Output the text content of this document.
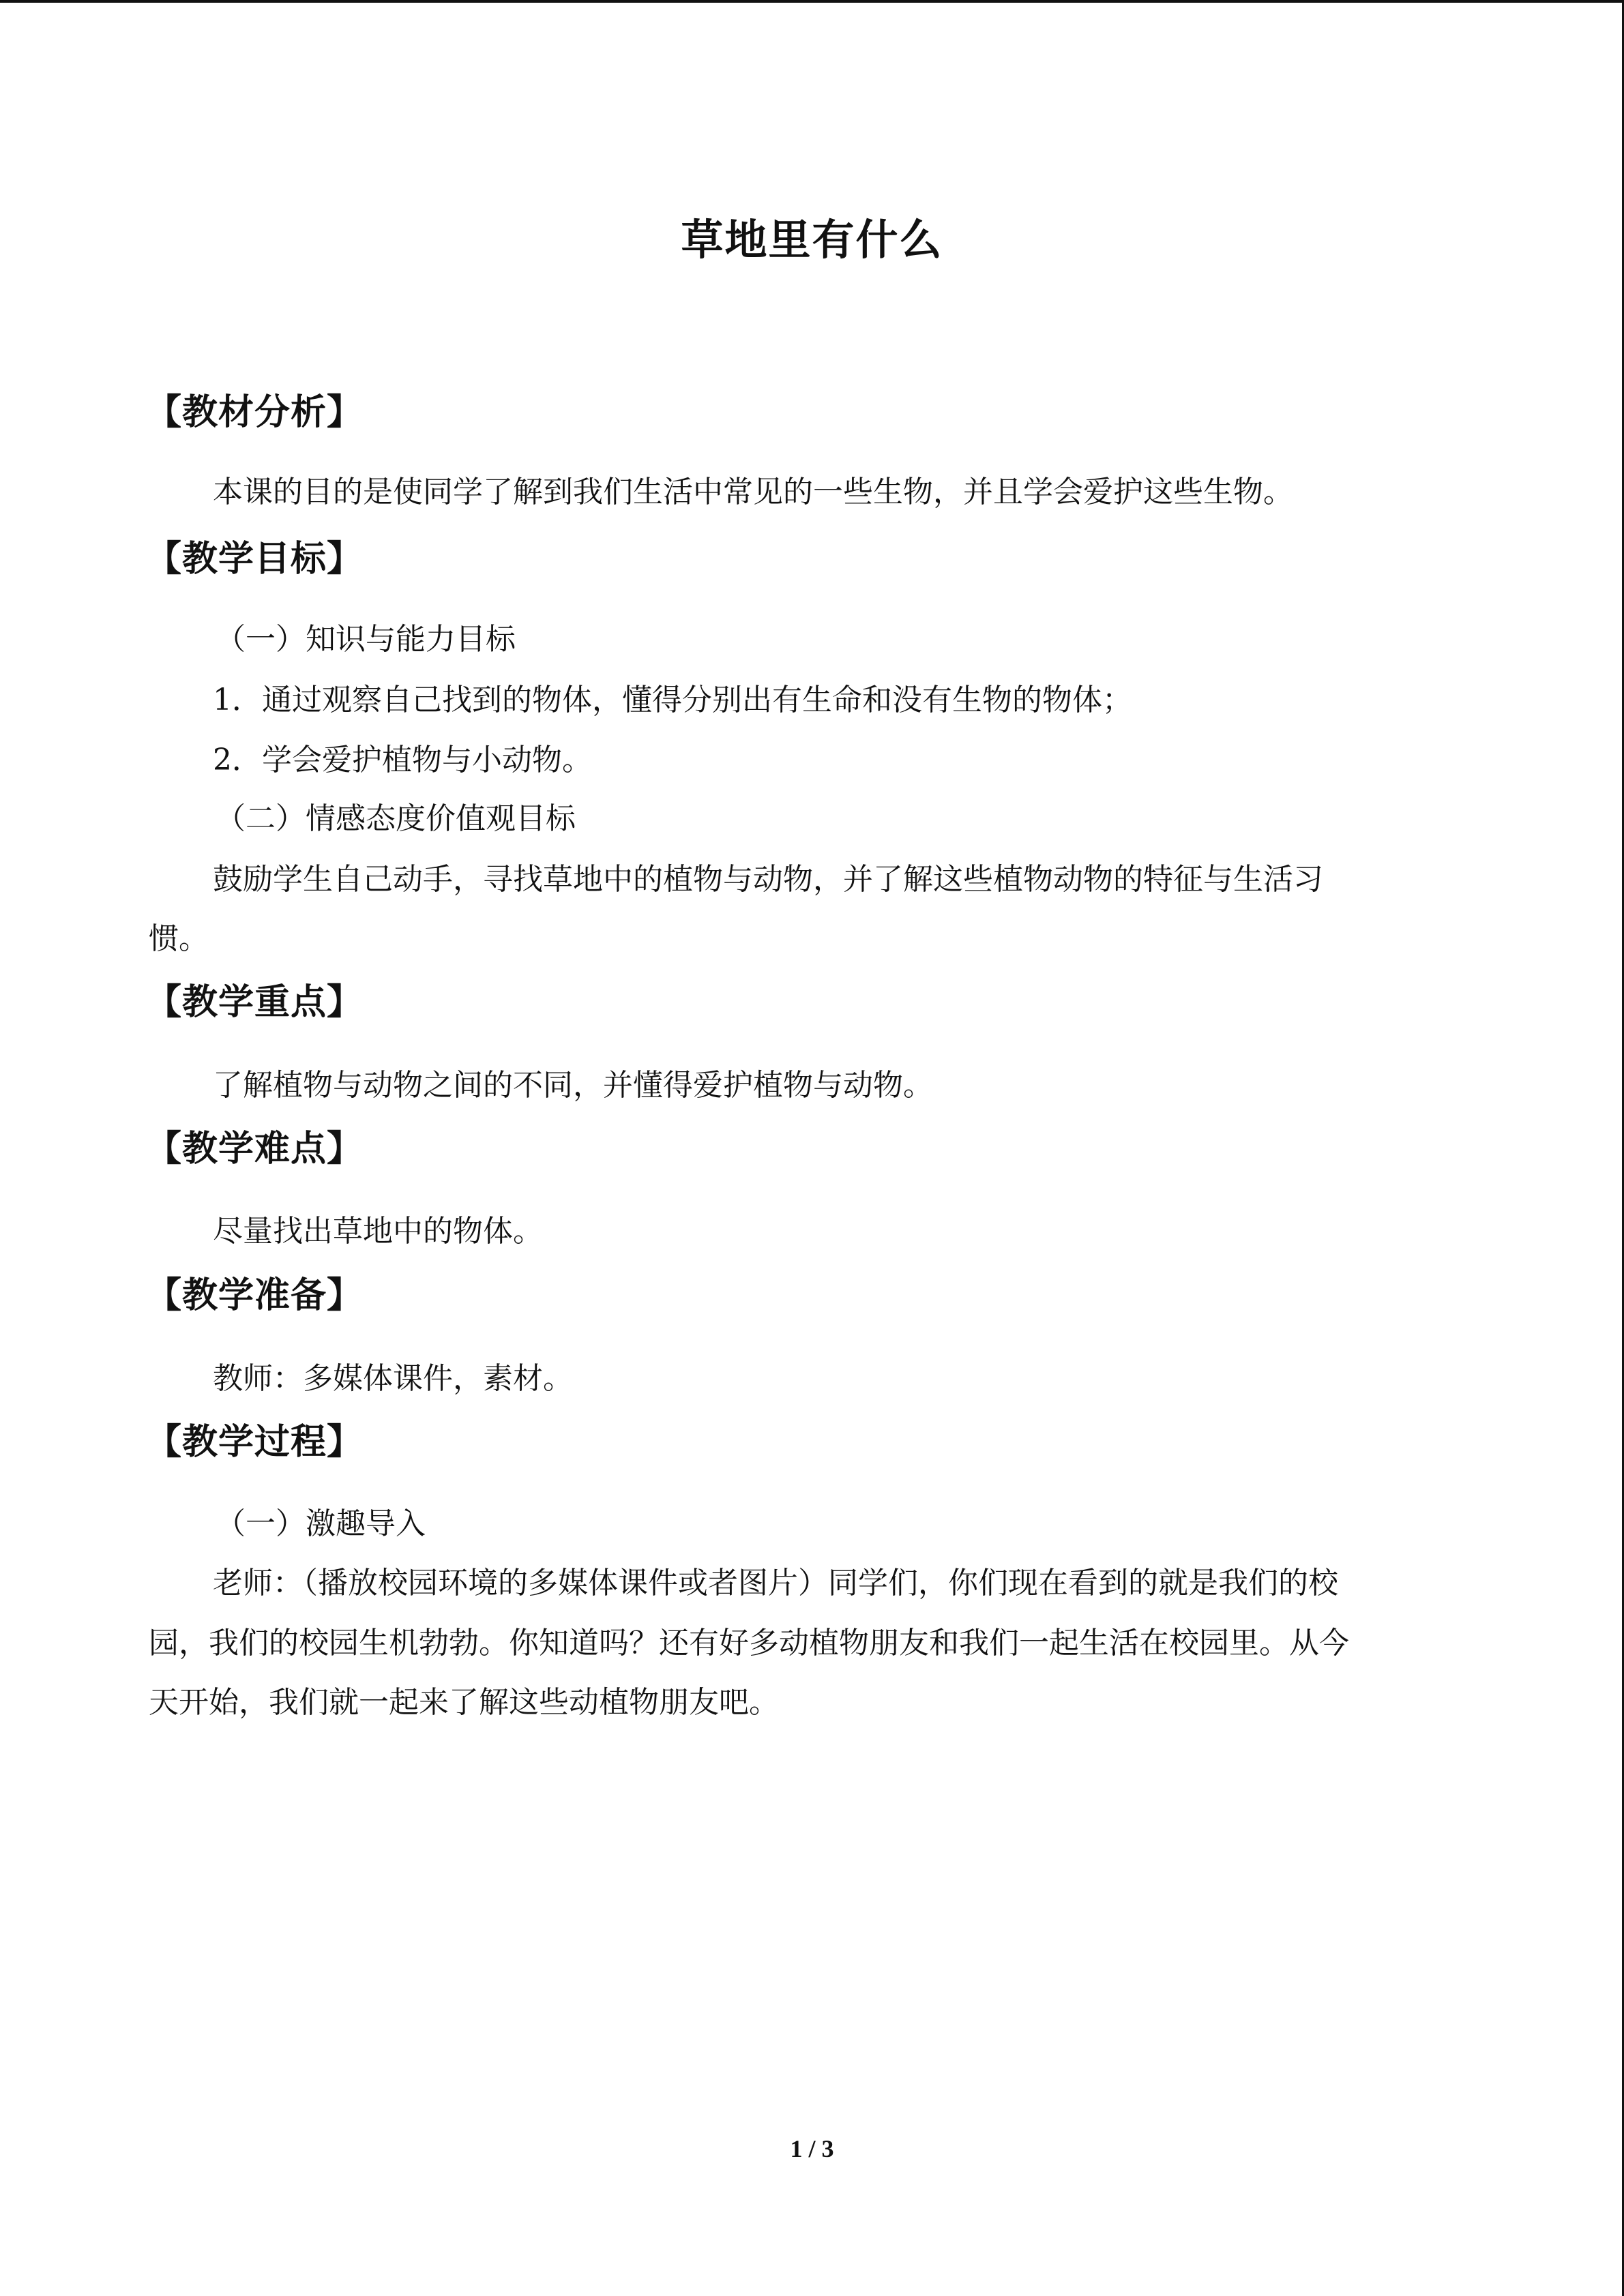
草地里有什么
【教材分析】
本课的目的是使同学了解到我们生活中常见的一些生物，并且学会爱护这些生物。
【教学目标】
（一）知识与能力目标
1．通过观察自己找到的物体，懂得分别出有生命和没有生物的物体；
2．学会爱护植物与小动物。
（二）情感态度价值观目标
鼓励学生自己动手，寻找草地中的植物与动物，并了解这些植物动物的特征与生活习
惯。
【教学重点】
了解植物与动物之间的不同，并懂得爱护植物与动物。
【教学难点】
尽量找出草地中的物体。
【教学准备】
教师：多媒体课件，素材。
【教学过程】
（一）激趣导入
老师：（播放校园环境的多媒体课件或者图片）同学们，你们现在看到的就是我们的校
园，我们的校园生机勃勃。你知道吗？还有好多动植物朋友和我们一起生活在校园里。从今
天开始，我们就一起来了解这些动植物朋友吧。
1 / 3
